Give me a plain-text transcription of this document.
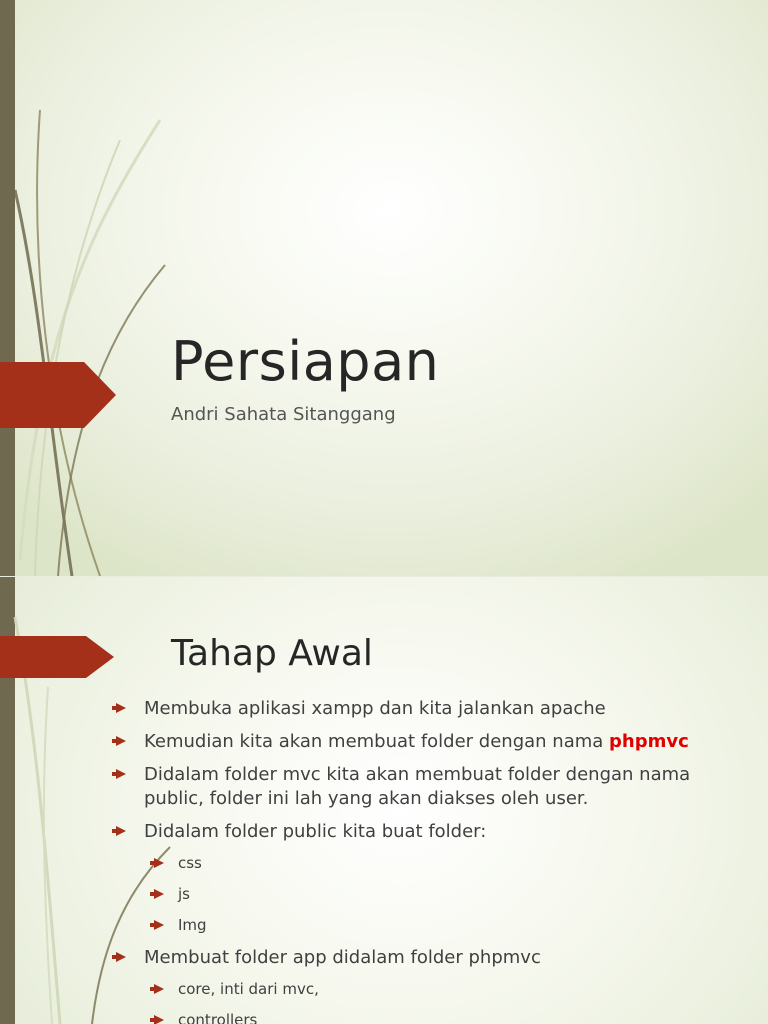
Persiapan
Andri Sahata Sitanggang
Tahap Awal
Membuka aplikasi xampp dan kita jalankan apache
Kemudian kita akan membuat folder dengan nama phpmvc
Didalam folder mvc kita akan membuat folder dengan nama public, folder ini lah yang akan diakses oleh user.
Didalam folder public kita buat folder:
css
js
Img
Membuat folder app didalam folder phpmvc
core, inti dari mvc,
controllers
